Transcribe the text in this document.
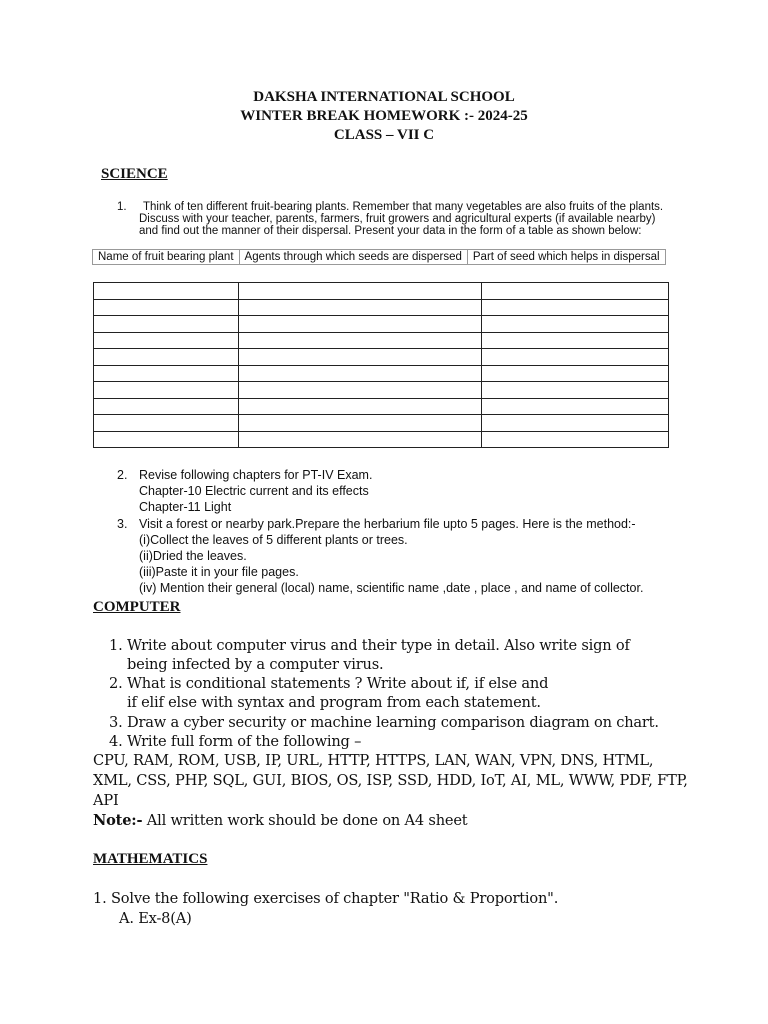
DAKSHA INTERNATIONAL SCHOOL
WINTER BREAK HOMEWORK :- 2024-25
CLASS – VII C
SCIENCE
1. Think of ten different fruit-bearing plants. Remember that many vegetables are also fruits of the plants.
Discuss with your teacher, parents, farmers, fruit growers and agricultural experts (if available nearby)
and find out the manner of their dispersal. Present your data in the form of a table as shown below:
Name of fruit bearing plant	Agents through which seeds are dispersed	Part of seed which helps in dispersal

2. Revise following chapters for PT-IV Exam.
Chapter-10 Electric current and its effects
Chapter-11 Light
3. Visit a forest or nearby park.Prepare the herbarium file upto 5 pages. Here is the method:-
(i)Collect the leaves of 5 different plants or trees.
(ii)Dried the leaves.
(iii)Paste it in your file pages.
(iv) Mention their general (local) name, scientific name ,date , place , and name of collector.
COMPUTER
1. Write about computer virus and their type in detail. Also write sign of
being infected by a computer virus.
2. What is conditional statements ? Write about if, if else and
if elif else with syntax and program from each statement.
3. Draw a cyber security or machine learning comparison diagram on chart.
4. Write full form of the following –
CPU, RAM, ROM, USB, IP, URL, HTTP, HTTPS, LAN, WAN, VPN, DNS, HTML,
XML, CSS, PHP, SQL, GUI, BIOS, OS, ISP, SSD, HDD, IoT, AI, ML, WWW, PDF, FTP,
API
Note:- All written work should be done on A4 sheet
MATHEMATICS
1. Solve the following exercises of chapter "Ratio & Proportion".
A. Ex-8(A)
